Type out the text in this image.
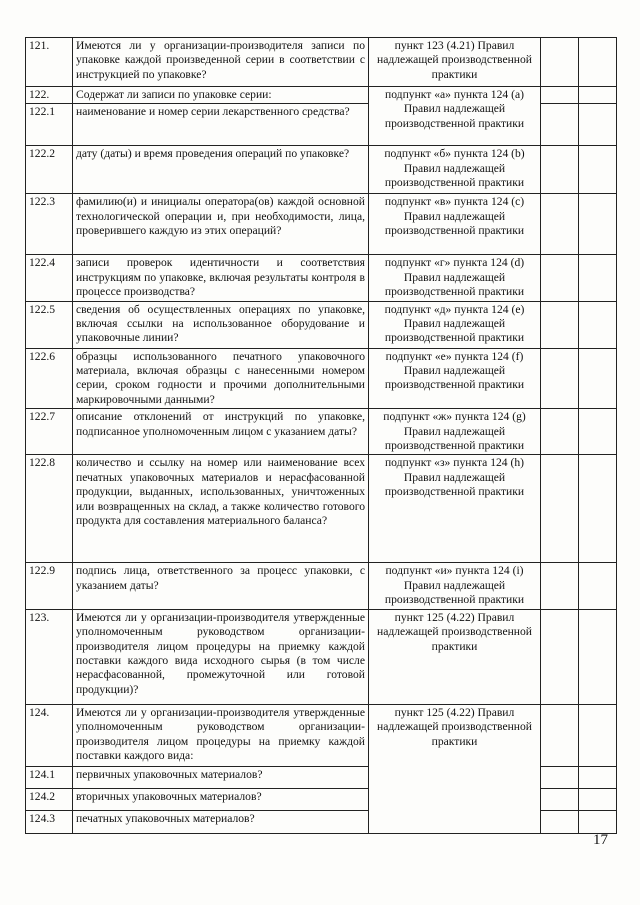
121.	Имеются ли у организации-производителя записи по упаковке каждой произведенной серии в соответствии с инструкцией по упаковке?	пункт 123 (4.21) Правил надлежащей производственной практики		
122.	Содержат ли записи по упаковке серии:	подпункт «а» пункта 124 (а) Правил надлежащей производственной практики		
122.1	наименование и номер серии лекарственного средства?			
122.2	дату (даты) и время проведения операций по упаковке?	подпункт «б» пункта 124 (b) Правил надлежащей производственной практики		
122.3	фамилию(и) и инициалы оператора(ов) каждой основной технологической операции и, при необходимости, лица, проверившего каждую из этих операций?	подпункт «в» пункта 124 (с) Правил надлежащей производственной практики		
122.4	записи проверок идентичности и соответствия инструкциям по упаковке, включая результаты контроля в процессе производства?	подпункт «г» пункта 124 (d) Правил надлежащей производственной практики		
122.5	сведения об осуществленных операциях по упаковке, включая ссылки на использованное оборудование и упаковочные линии?	подпункт «д» пункта 124 (е) Правил надлежащей производственной практики		
122.6	образцы использованного печатного упаковочного материала, включая образцы с нанесенными номером серии, сроком годности и прочими дополнительными маркировочными данными?	подпункт «е» пункта 124 (f) Правил надлежащей производственной практики		
122.7	описание отклонений от инструкций по упаковке, подписанное уполномоченным лицом с указанием даты?	подпункт «ж» пункта 124 (g) Правил надлежащей производственной практики		
122.8	количество и ссылку на номер или наименование всех печатных упаковочных материалов и нерасфасованной продукции, выданных, использованных, уничтоженных или возвращенных на склад, а также количество готового продукта для составления материального баланса?	подпункт «з» пункта 124 (h) Правил надлежащей производственной практики		
122.9	подпись лица, ответственного за процесс упаковки, с указанием даты?	подпункт «и» пункта 124 (i) Правил надлежащей производственной практики		
123.	Имеются ли у организации-производителя утвержденные уполномоченным руководством организации-производителя лицом процедуры на приемку каждой поставки каждого вида исходного сырья (в том числе нерасфасованной, промежуточной или готовой продукции)?	пункт 125 (4.22) Правил надлежащей производственной практики		
124.	Имеются ли у организации-производителя утвержденные уполномоченным руководством организации-производителя лицом процедуры на приемку каждой поставки каждого вида:	пункт 125 (4.22) Правил надлежащей производственной практики		
124.1	первичных упаковочных материалов?			
124.2	вторичных упаковочных материалов?			
124.3	печатных упаковочных материалов?			
17
